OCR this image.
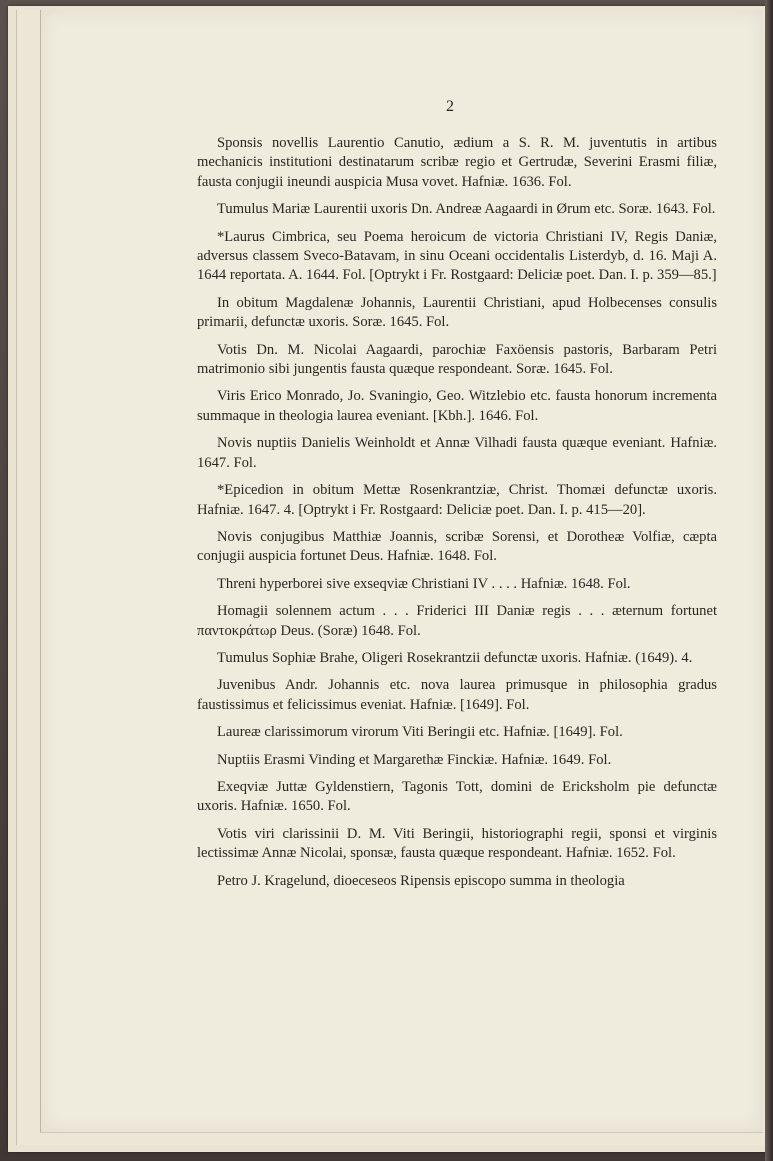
2

Sponsis novellis Laurentio Canutio, ædium a S. R. M. juventutis in artibus mechanicis institutioni destinatarum scribæ regio et Gertrudæ, Severini Erasmi filiæ, fausta conjugii ineundi auspicia Musa vovet. Hafniæ. 1636. Fol.

Tumulus Mariæ Laurentii uxoris Dn. Andreæ Aagaardi in Ørum etc. Soræ. 1643. Fol.

*Laurus Cimbrica, seu Poema heroicum de victoria Christiani IV, Regis Daniæ, adversus classem Sveco-Batavam, in sinu Oceani occidentalis Listerdyb, d. 16. Maji A. 1644 reportata. A. 1644. Fol. [Optrykt i Fr. Rostgaard: Deliciæ poet. Dan. I. p. 359—85.]

In obitum Magdalenæ Johannis, Laurentii Christiani, apud Holbecenses consulis primarii, defunctæ uxoris. Soræ. 1645. Fol.

Votis Dn. M. Nicolai Aagaardi, parochiæ Faxöensis pastoris, Barbaram Petri matrimonio sibi jungentis fausta quæque respondeant. Soræ. 1645. Fol.

Viris Erico Monrado, Jo. Svaningio, Geo. Witzlebio etc. fausta honorum incrementa summaque in theologia laurea eveniant. [Kbh.]. 1646. Fol.

Novis nuptiis Danielis Weinholdt et Annæ Vilhadi fausta quæque eveniant. Hafniæ. 1647. Fol.

*Epicedion in obitum Mettæ Rosenkrantziæ, Christ. Thomæi defunctæ uxoris. Hafniæ. 1647. 4. [Optrykt i Fr. Rostgaard: Deliciæ poet. Dan. I. p. 415—20].

Novis conjugibus Matthiæ Joannis, scribæ Sorensi, et Dorotheæ Volfiæ, cæpta conjugii auspicia fortunet Deus. Hafniæ. 1648. Fol.

Threni hyperborei sive exseqviæ Christiani IV . . . . Hafniæ. 1648. Fol.

Homagii solennem actum . . . Friderici III Daniæ regis . . . æternum fortunet παντοκράτωρ Deus. (Soræ) 1648. Fol.

Tumulus Sophiæ Brahe, Oligeri Rosekrantzii defunctæ uxoris. Hafniæ. (1649). 4.

Juvenibus Andr. Johannis etc. nova laurea primusque in philosophia gradus faustissimus et felicissimus eveniat. Hafniæ. [1649]. Fol.

Laureæ clarissimorum virorum Viti Beringii etc. Hafniæ. [1649]. Fol.

Nuptiis Erasmi Vinding et Margarethæ Finckiæ. Hafniæ. 1649. Fol.

Exeqviæ Juttæ Gyldenstiern, Tagonis Tott, domini de Ericksholm pie defunctæ uxoris. Hafniæ. 1650. Fol.

Votis viri clarissinii D. M. Viti Beringii, historiographi regii, sponsi et virginis lectissimæ Annæ Nicolai, sponsæ, fausta quæque respondeant. Hafniæ. 1652. Fol.

Petro J. Kragelund, dioeceseos Ripensis episcopo summa in theologia
